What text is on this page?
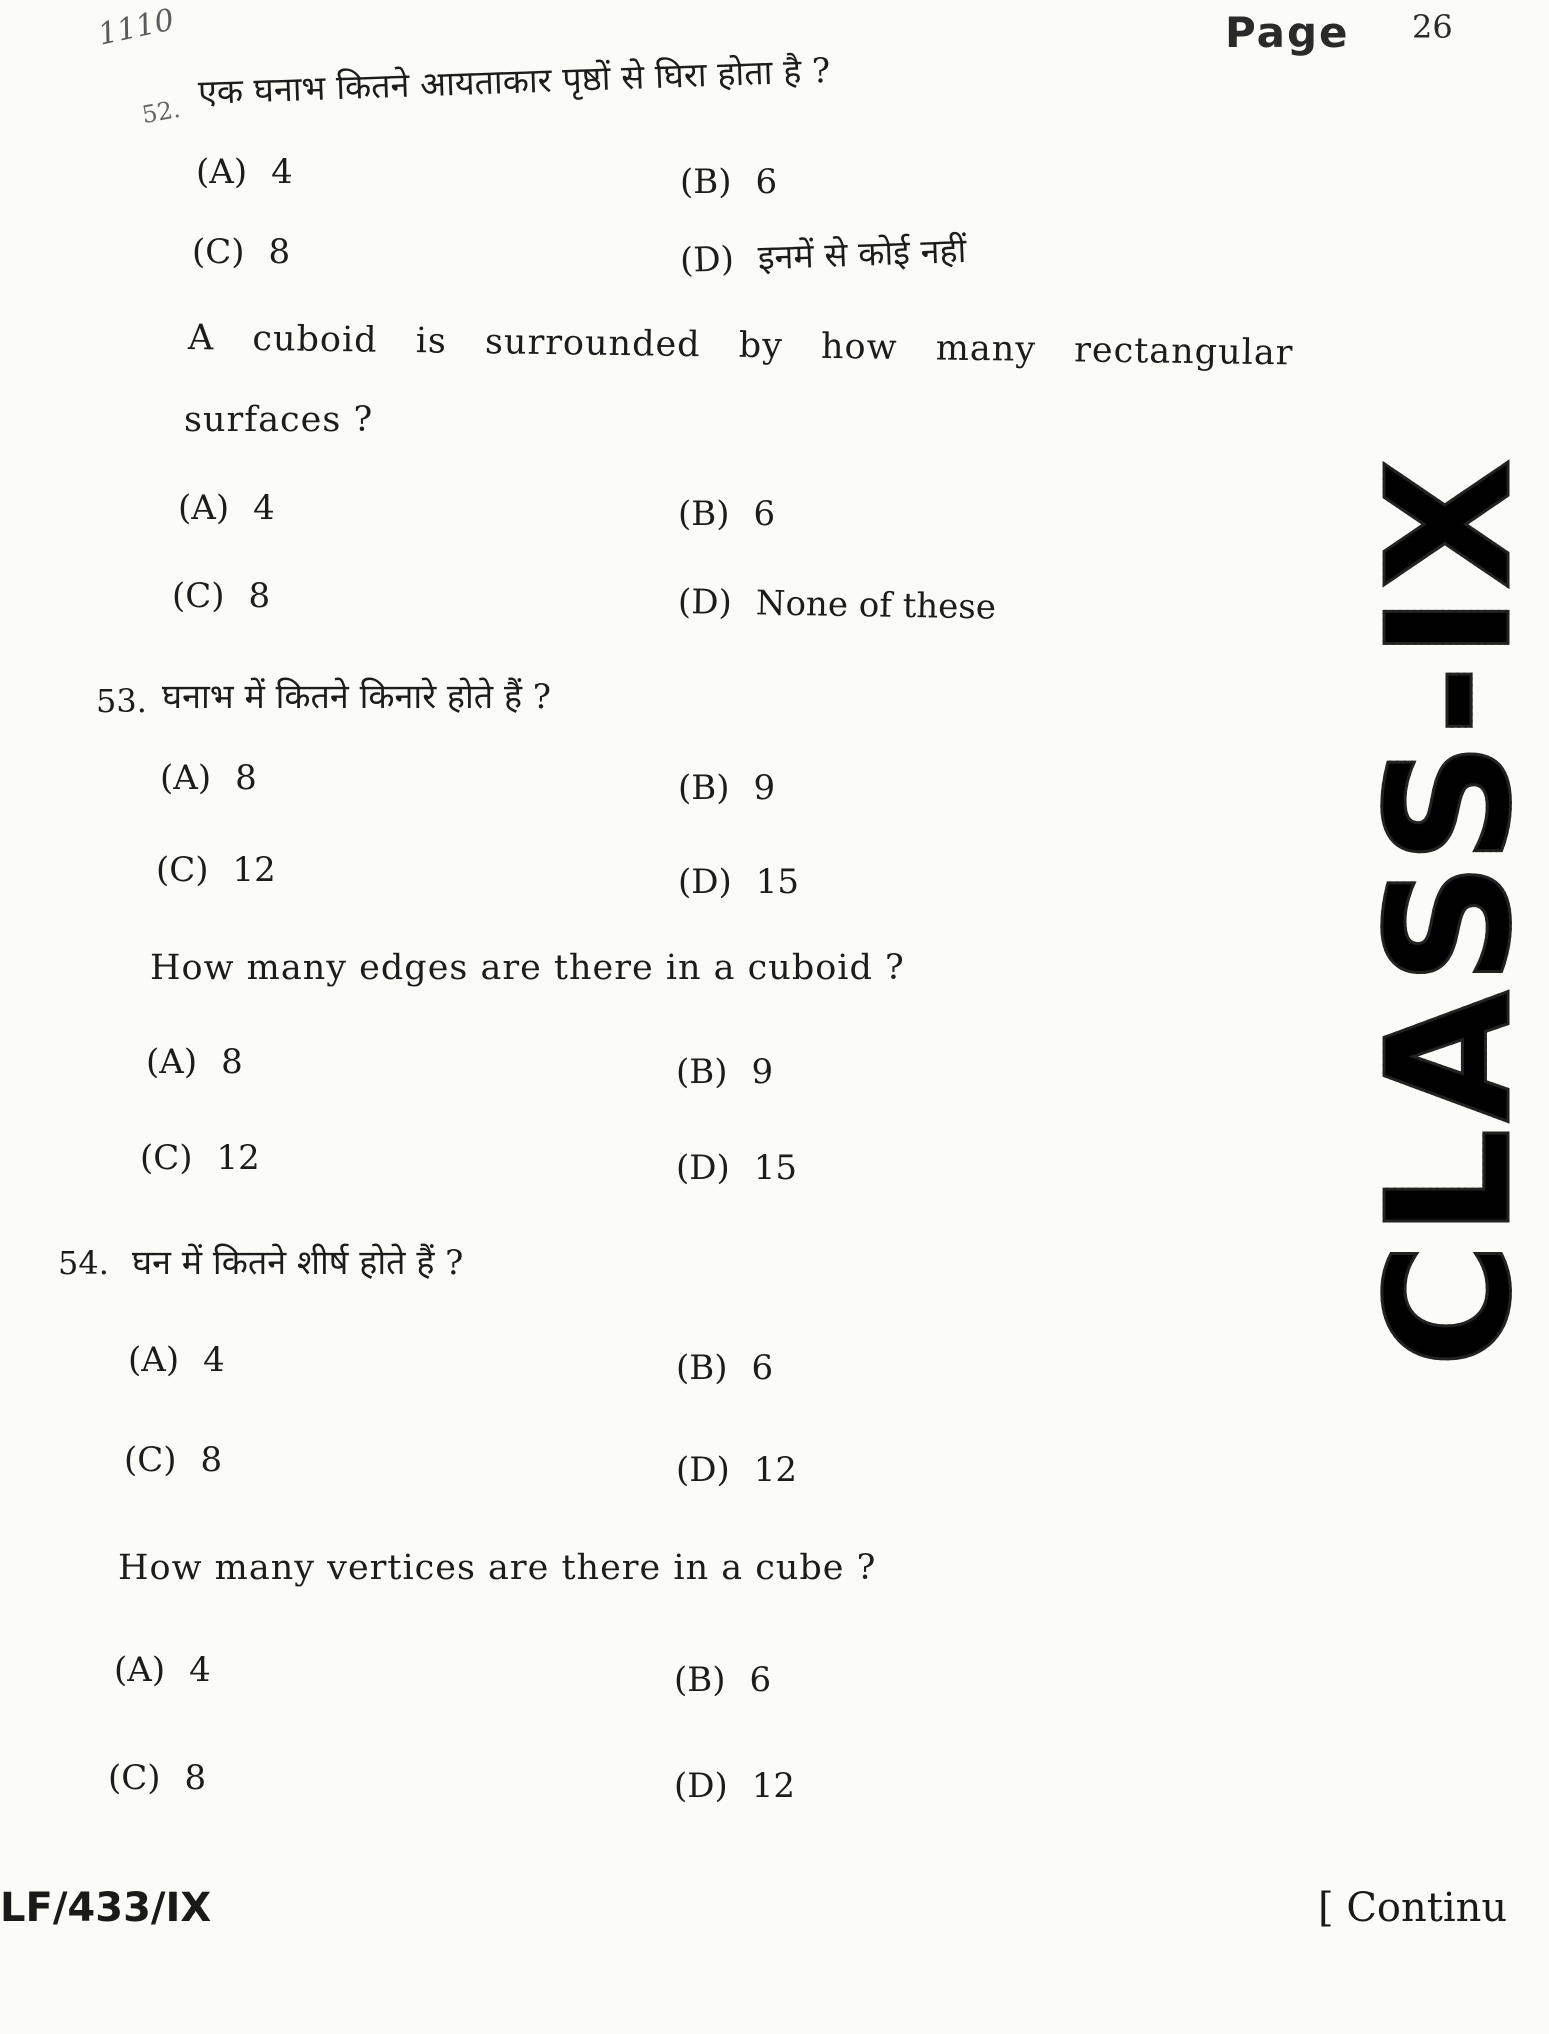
1110	Page 26
52. एक घनाभ कितने आयताकार पृष्ठों से घिरा होता है ?
(A) 4	(B) 6
(C) 8	(D) इनमें से कोई नहीं
A cuboid is surrounded by how many rectangular
surfaces ?
(A) 4	(B) 6
(C) 8	(D) None of these
53. घनाभ में कितने किनारे होते हैं ?
(A) 8	(B) 9
(C) 12	(D) 15
How many edges are there in a cuboid ?
(A) 8	(B) 9
(C) 12	(D) 15
54. घन में कितने शीर्ष होते हैं ?
(A) 4	(B) 6
(C) 8	(D) 12
How many vertices are there in a cube ?
(A) 4	(B) 6
(C) 8	(D) 12
CLASS-IX
LF/433/IX	[ Continu
